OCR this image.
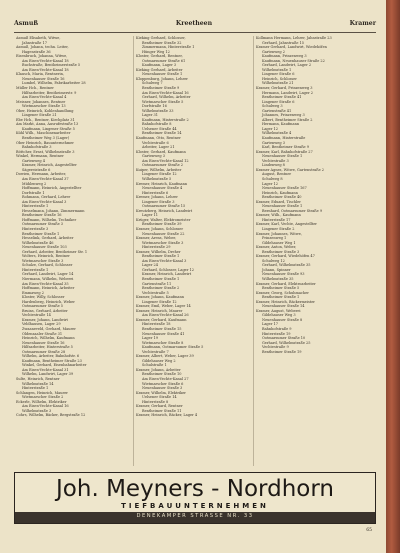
Asmuß	Kreetheen	Kramer

Asmuß Elisabeth, Witwe,

Jahnstraße 17

Asmuß, Johann, techn. Leiter,

Hagenstraße 36

Eisenbruch, Johanna, Witwe,

Am Eisen-Vechte-Kanal 18

Buchstraße, Bentheimerstraße 5

Am Eisen-Vechte-Kanal 18

Klausch, Maria, Rentnerin,

Neuenhauser Straße 16

Lumbel, Wilhelm, Fabrikarbeiter 28

Müller Hch., Rentner

Hilfsarbeiter, Bentheimerstr. 9

Am Eisen-Vechte-Kanal 4

Meisner, Johannes, Rentner

Wietmarscher Straße 13

Ober, Heinrich, Kohlenhandlung

Lingener Straße 21

Ebe Hch., Rentner, Kirchplatz 31

Am Markt, Anna, Ausrufestraße 13

Kaufmann, Lingener Straße 5

Kühl Wilh., Maschinenarbeiter

Bentheimer Weg 3 (Lager)

Ober Heinrich, Bauunternehmer

Bahnhofstraße 3

Böttcher, Ernst, Wilhelmstraße 3

Winkel, Hermann, Rentner

Gartenweg 4

Kramer, Heinrich, Angestellter

Sägereistraße 6

Dowien, Hermann, Arbeiter,

Am Eisen-Vechte-Kanal 37

Mühlenweg 2

Hoffmann, Heinrich, Angestellter

Dorfstraße 1

Rohmann, Gerhard, Lehrer

Am Eisen-Vechte-Kanal 3

Hinterstraße 1

Hesselmann, Johann, Zimmermann

Bentheimer Straße 16

Hoffmann, Wilhelm, Techniker

Ootmarsumer Straße 3

Hinterstraße 3

Bentheimer Straße 1

Hesselink, Gerhard, Arbeiter

Wilhelmstraße 46

Neuenhauser Straße 103

Gerhard, Arbeiter, Bentheimer Str. 1

Wolters, Heinrich, Rentner

Wietmarscher Straße 3

Schulze, Gerhard, Schlosser

Hinterstraße 1

Gerhard, Landwirt, Lager 14

Niermann, Wilhelm, Weberei

Am Eisen-Vechte-Kanal 35

Hoffmann, Heinrich, Arbeiter

Emmaweg 2

Kloster, Willy, Schlosser

Hardenberg, Heinrich, Weber

Ootmarsumer Straße 5

Bruins, Gerhard, Arbeiter

Vechtestraße 14

Kramer, Johann, Landwirt

Veldhausen, Lager 29

Zwaaneveld, Gerhard, Maurer

Oldenzaaler Straße 31

Heinrich, Wilhelm, Kaufmann

Neuenhauser Straße 16

Hilfsarbeiter, Hinterstraße 5

Ootmarsumer Straße 28

Wilhelm, Arbeiter, Bahnhofstr. 6

Kaufmann, Bentheimer Straße 23

Winkel, Gerhard, Eisenbahnarbeiter

Am Eisen-Vechte-Kanal 31

Wilhelm, Landwirt, Lager 39

Sulte, Heinrich, Rentner

Wilhelmstraße 14

Hinterstraße 1

Schlangen, Heinrich, Maurer

Wietmarscher Straße 2

Eckerle, Wilhelm, Elektriker

Am Eisen-Vechte-Kanal 16

Wilhelmstraße 3

Cohrs, Wilhelm, Bäcker, Bergstraße 12

Kieking Gerhard, Schlosser,

Bentheimer Straße 32

Zimmermann, Hinterstraße 1

Hünger Weg 12

Kloster, Gerhard, Rentner,

Ootmarsumer Straße 61

Kaufmann, Lager 3

Kieking Gerhard, Arbeiter

Neuenhauser Straße 1

Kloppenburg, Johann, Lehrer

Schulweg 7

Bentheimer Straße 9

Am Eisen-Vechte-Kanal 16

Gerhard, Wilhelm, Arbeiter

Wietmarscher Straße 5

Dorfstraße 16

Wilhelmstraße 33

Lager 31

Kaufmann, Hinterstraße 2

Bahnhofstraße 8

Uelsener Straße 44

Bentheimer Straße 14

Kaufmann, Otto, Rentner

Vechtestraße 6

Arbeiter, Lager 21

Kloster, Gerhard, Kaufmann

Gartenweg 3

Am Eisen-Vechte-Kanal 12

Ootmarsumer Straße 2

Kuiper, Wilhelm, Arbeiter

Lingener Straße 12

Wilhelmstraße 5

Kremer, Heinrich, Kaufmann

Neuenhauser Straße 4

Hinterstraße 6

Kremer, Johann, Lehrer

Lingener Straße 3

Ootmarsumer Straße 15

Kreutzberg, Heinrich, Landwirt

Lager 11

Krüger, Walter, Elektromeister

Bentheimer Straße 39

Kramer, Johann, Schlosser

Neuenhauser Straße 22

Kramer, Arens, Weber,

Wietmarscher Straße 3

Hinterstraße 29

Kramer, Wilhelm, Dreher

Bentheimer Straße 1

Am Eisen-Vechte-Kanal 3

Lager 24

Gerhard, Schlosser, Lager 12

Kramer, Heinrich, Landwirt

Bentheimer Straße 1

Gartenstraße 11

Bentheimer Straße 2

Vechtestraße 5

Kramer, Johann, Kaufmann

Lingener Straße 12

Kramer, Emil, Weber, Lager 14

Kramer, Heinrich, Maurer

Am Eisen-Vechte-Kanal 26

Kramer, Gerhard, Kaufmann

Hinterstraße 18

Bentheimer Straße 15

Neuenhauser Straße 41

Lager 19

Wietmarscher Straße 8

Kaufmann, Ootmarsumer Straße 5

Vechtestraße 7

Kramer, Albert, Weber, Lager 39

Gildehauser Weg 2

Schulstraße 1

Kramer, Johann, Arbeiter

Bentheimer Straße 10

Am Eisen-Vechte-Kanal 27

Wietmarscher Straße 6

Neuenhauser Straße 3

Kramer, Wilhelm, Elektriker

Uelsener Straße 14

Hinterstraße 8

Kramer, Gerhard, Rentner

Bentheimer Straße 11

Kramer, Heinrich, Bäcker, Lager 4

Kollmann Hermann, Lehrer, Jahnstraße 23

Gerhard, Jahnstraße 15

Kramer Gerhard, Landwirt, Wiedehöfen

Gartenweg 2

Kaufmann, Prinzenweg 3

Kaufmann, Neuenhauser Straße 22

Gerhard, Landwirt, Lager 2

Wilhelmstraße 1

Lingener Straße 6

Heinrich, Schlosser

Wilhelmstraße 21

Kramer, Gerhard, Prinzenweg 3

Hermann, Landwirt, Lager 2

Bentheimer Straße 41

Lingener Straße 6

Schulweg 3

Gartenstraße 41

Johannes, Prinzenweg 3

Albert, Bentheimer Straße 2

Hermann, Kaufmann

Lager 12

Wilhelmstraße 4

Kaufmann, Hinterstraße

Gartenweg 3

Karl, Bentheimer Straße 9

Kramer, Karl, Bahnhofstraße 27

Neuenhauser Straße 1

Vechtestraße 3

Lindenweg 8

Kramer Agnes, Witwe, Gartenstraße 2

August, Rentner

Schulweg 8

Lager 12

Neuenhauser Straße 167

Heinrich, Kaufmann

Bentheimer Straße 40

Kramer, Eduard, Tischler

Neuenhauser Straße 1

Bernhard, Ootmarsumer Straße 9

Kramer, Wilh., Kaufmann

Hinterstraße 17

Kramer, Karl, Vechte, Angestellter

Lingener Straße 2

Kramer, Johannes, Witwe,

Prinzenweg 1

Gildehauser Weg 1

Kramer, Anton, Weber,

Bentheimer Straße 3

Kramer, Gerhard, Wiedehöfen 47

Schulweg 12

Gerhard, Wilhelmstraße 35

Johann, Spinner

Neuenhauser Straße 93

Wilhelmstraße 35

Kramer, Gerhard, Elektroarbeiter

Bentheimer Straße 5

Kramer, Georg, Schuhmacher

Bentheimer Straße 1

Kramer, Heinrich, Bäckermeister

Neuenhauser Straße 14

Kramer, August, Weberei

Gildehauser Weg 3

Neuenhauser Straße 8

Lager 17

Bahnhofstraße 9

Hinterstraße 19

Ootmarsumer Straße 10

Gerhard, Wilhelmstraße 25

Vechtestraße 9

Bentheimer Straße 19

Joh. Meyners - Nordhorn
TIEFBAUUNTERNEHMEN
DENEKAMPER STRASSE NR. 33
65
